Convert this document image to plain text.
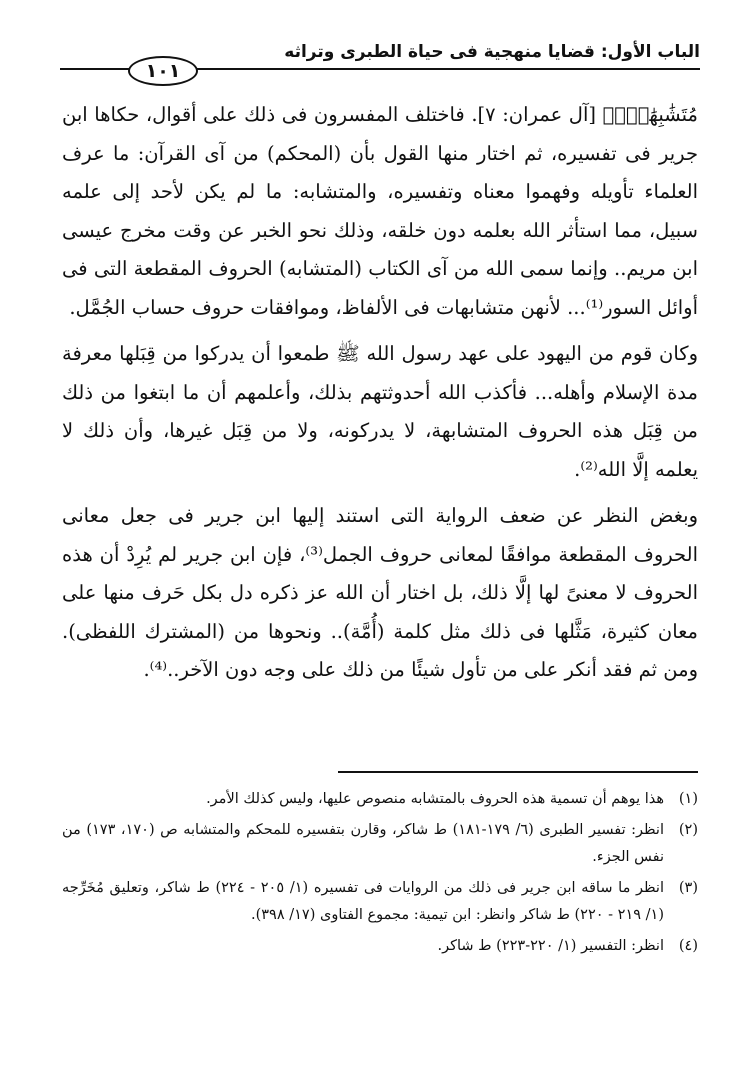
الباب الأول: قضايا منهجية فى حياة الطبرى وتراثه
١٠١

مُتَشَٰبِهَٰتٌۖ﴾ [آل عمران: ٧]. فاختلف المفسرون فى ذلك على أقوال، حكاها ابن جرير فى تفسيره، ثم اختار منها القول بأن (المحكم) من آى القرآن: ما عرف العلماء تأويله وفهموا معناه وتفسيره، والمتشابه: ما لم يكن لأحد إلى علمه سبيل، مما استأثر الله بعلمه دون خلقه، وذلك نحو الخبر عن وقت مخرج عيسى ابن مريم.. وإنما سمى الله من آى الكتاب (المتشابه) الحروف المقطعة التى فى أوائل السور⁽¹⁾... لأنهن متشابهات فى الألفاظ، وموافقات حروف حساب الجُمَّل.

وكان قوم من اليهود على عهد رسول الله ﷺ طمعوا أن يدركوا من قِبَلها معرفة مدة الإسلام وأهله... فأكذب الله أحدوثتهم بذلك، وأعلمهم أن ما ابتغوا من ذلك من قِبَل هذه الحروف المتشابهة، لا يدركونه، ولا من قِبَل غيرها، وأن ذلك لا يعلمه إلَّا الله⁽²⁾.

وبغض النظر عن ضعف الرواية التى استند إليها ابن جرير فى جعل معانى الحروف المقطعة موافقًا لمعانى حروف الجمل⁽³⁾، فإن ابن جرير لم يُرِدْ أن هذه الحروف لا معنىً لها إلَّا ذلك، بل اختار أن الله عز ذكره دل بكل حَرف منها على معان كثيرة، مَثَّلها فى ذلك مثل كلمة (أُمَّة).. ونحوها من (المشترك اللفظى). ومن ثم فقد أنكر على من تأول شيئًا من ذلك على وجه دون الآخر..⁽⁴⁾.

(١)
هذا يوهم أن تسمية هذه الحروف بالمتشابه منصوص عليها، وليس كذلك الأمر.
(٢)
انظر: تفسير الطبرى (٦/ ١٧٩-١٨١) ط شاكر، وقارن بتفسيره للمحكم والمتشابه ص (١٧٠، ١٧٣) من نفس الجزء.
(٣)
انظر ما ساقه ابن جرير فى ذلك من الروايات فى تفسيره (١/ ٢٠٥ - ٢٢٤) ط شاكر، وتعليق مُخَرِّجه (١/ ٢١٩ - ٢٢٠) ط شاكر وانظر: ابن تيمية: مجموع الفتاوى (١٧/ ٣٩٨).
(٤)
انظر: التفسير (١/ ٢٢٠-٢٢٣) ط شاكر.
